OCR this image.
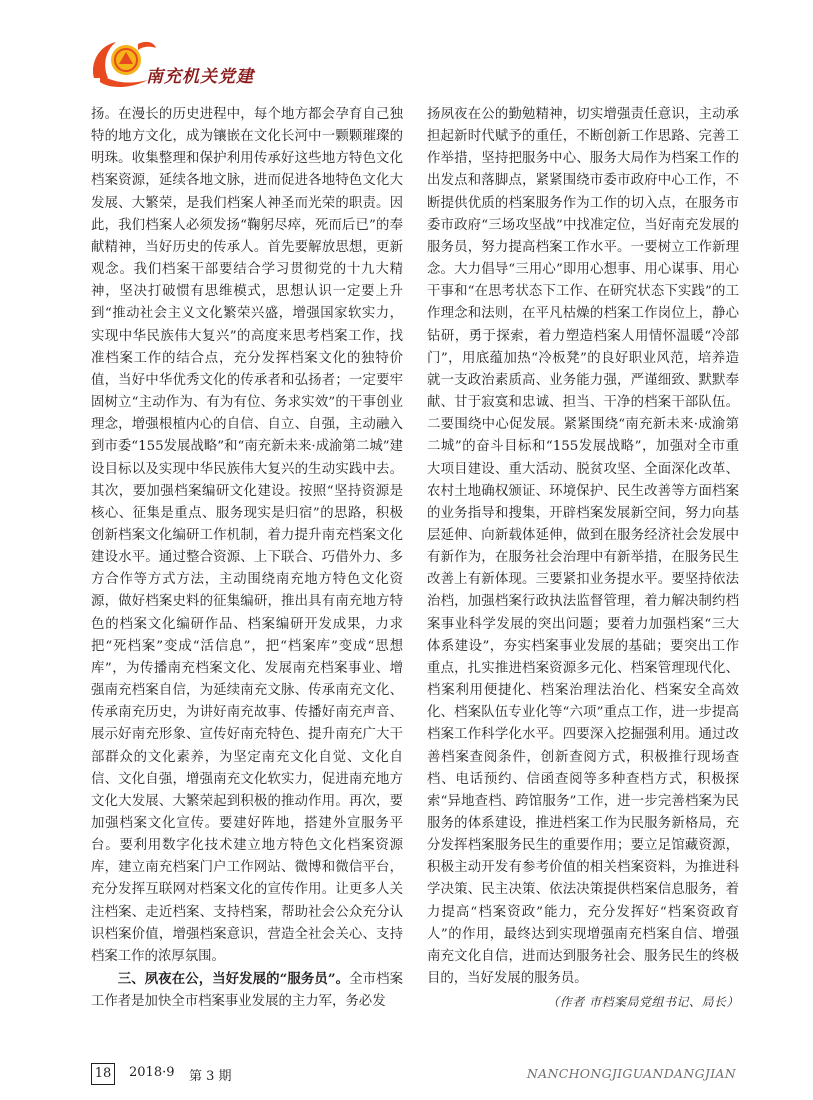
南充机关党建

扬。在漫长的历史进程中，每个地方都会孕育自己独特的地方文化，成为镶嵌在文化长河中一颗颗璀璨的明珠。收集整理和保护利用传承好这些地方特色文化档案资源，延续各地文脉，进而促进各地特色文化大发展、大繁荣，是我们档案人神圣而光荣的职责。因此，我们档案人必须发扬“鞠躬尽瘁，死而后已”的奉献精神，当好历史的传承人。首先要解放思想，更新观念。我们档案干部要结合学习贯彻党的十九大精神，坚决打破惯有思维模式，思想认识一定要上升到“推动社会主义文化繁荣兴盛，增强国家软实力，实现中华民族伟大复兴”的高度来思考档案工作，找准档案工作的结合点，充分发挥档案文化的独特价值，当好中华优秀文化的传承者和弘扬者；一定要牢固树立“主动作为、有为有位、务求实效”的干事创业理念，增强根植内心的自信、自立、自强，主动融入到市委“155发展战略”和“南充新未来·成渝第二城”建设目标以及实现中华民族伟大复兴的生动实践中去。其次，要加强档案编研文化建设。按照“坚持资源是核心、征集是重点、服务现实是归宿”的思路，积极创新档案文化编研工作机制，着力提升南充档案文化建设水平。通过整合资源、上下联合、巧借外力、多方合作等方式方法，主动围绕南充地方特色文化资源，做好档案史料的征集编研，推出具有南充地方特色的档案文化编研作品、档案编研开发成果，力求把“死档案”变成“活信息”，把“档案库”变成“思想库”，为传播南充档案文化、发展南充档案事业、增强南充档案自信，为延续南充文脉、传承南充文化、传承南充历史，为讲好南充故事、传播好南充声音、展示好南充形象、宣传好南充特色、提升南充广大干部群众的文化素养，为坚定南充文化自觉、文化自信、文化自强，增强南充文化软实力，促进南充地方文化大发展、大繁荣起到积极的推动作用。再次，要加强档案文化宣传。要建好阵地，搭建外宣服务平台。要利用数字化技术建立地方特色文化档案资源库，建立南充档案门户工作网站、微博和微信平台，充分发挥互联网对档案文化的宣传作用。让更多人关注档案、走近档案、支持档案，帮助社会公众充分认识档案价值，增强档案意识，营造全社会关心、支持档案工作的浓厚氛围。

三、夙夜在公，当好发展的“服务员”。全市档案工作者是加快全市档案事业发展的主力军，务必发

扬夙夜在公的勤勉精神，切实增强责任意识，主动承担起新时代赋予的重任，不断创新工作思路、完善工作举措，坚持把服务中心、服务大局作为档案工作的出发点和落脚点，紧紧围绕市委市政府中心工作，不断提供优质的档案服务作为工作的切入点，在服务市委市政府“三场攻坚战”中找准定位，当好南充发展的服务员，努力提高档案工作水平。一要树立工作新理念。大力倡导“三用心”即用心想事、用心谋事、用心干事和“在思考状态下工作、在研究状态下实践”的工作理念和法则，在平凡枯燥的档案工作岗位上，静心钻研，勇于探索，着力塑造档案人用情怀温暖“冷部门”，用底蕴加热“冷板凳”的良好职业风范，培养造就一支政治素质高、业务能力强，严谨细致、默默奉献、甘于寂寞和忠诚、担当、干净的档案干部队伍。二要围绕中心促发展。紧紧围绕“南充新未来·成渝第二城”的奋斗目标和“155发展战略”，加强对全市重大项目建设、重大活动、脱贫攻坚、全面深化改革、农村土地确权颁证、环境保护、民生改善等方面档案的业务指导和搜集，开辟档案发展新空间，努力向基层延伸、向新载体延伸，做到在服务经济社会发展中有新作为，在服务社会治理中有新举措，在服务民生改善上有新体现。三要紧扣业务提水平。要坚持依法治档，加强档案行政执法监督管理，着力解决制约档案事业科学发展的突出问题；要着力加强档案“三大体系建设”，夯实档案事业发展的基础；要突出工作重点，扎实推进档案资源多元化、档案管理现代化、档案利用便捷化、档案治理法治化、档案安全高效化、档案队伍专业化等“六项”重点工作，进一步提高档案工作科学化水平。四要深入挖掘强利用。通过改善档案查阅条件，创新查阅方式，积极推行现场查档、电话预约、信函查阅等多种查档方式，积极探索“异地查档、跨馆服务”工作，进一步完善档案为民服务的体系建设，推进档案工作为民服务新格局，充分发挥档案服务民生的重要作用；要立足馆藏资源，积极主动开发有参考价值的相关档案资料，为推进科学决策、民主决策、依法决策提供档案信息服务，着力提高“档案资政”能力，充分发挥好“档案资政育人”的作用，最终达到实现增强南充档案自信、增强南充文化自信，进而达到服务社会、服务民生的终极目的，当好发展的服务员。

（作者 市档案局党组书记、局长）
18 2018·9 第 3 期	NANCHONGJIGUANDANGJIAN
